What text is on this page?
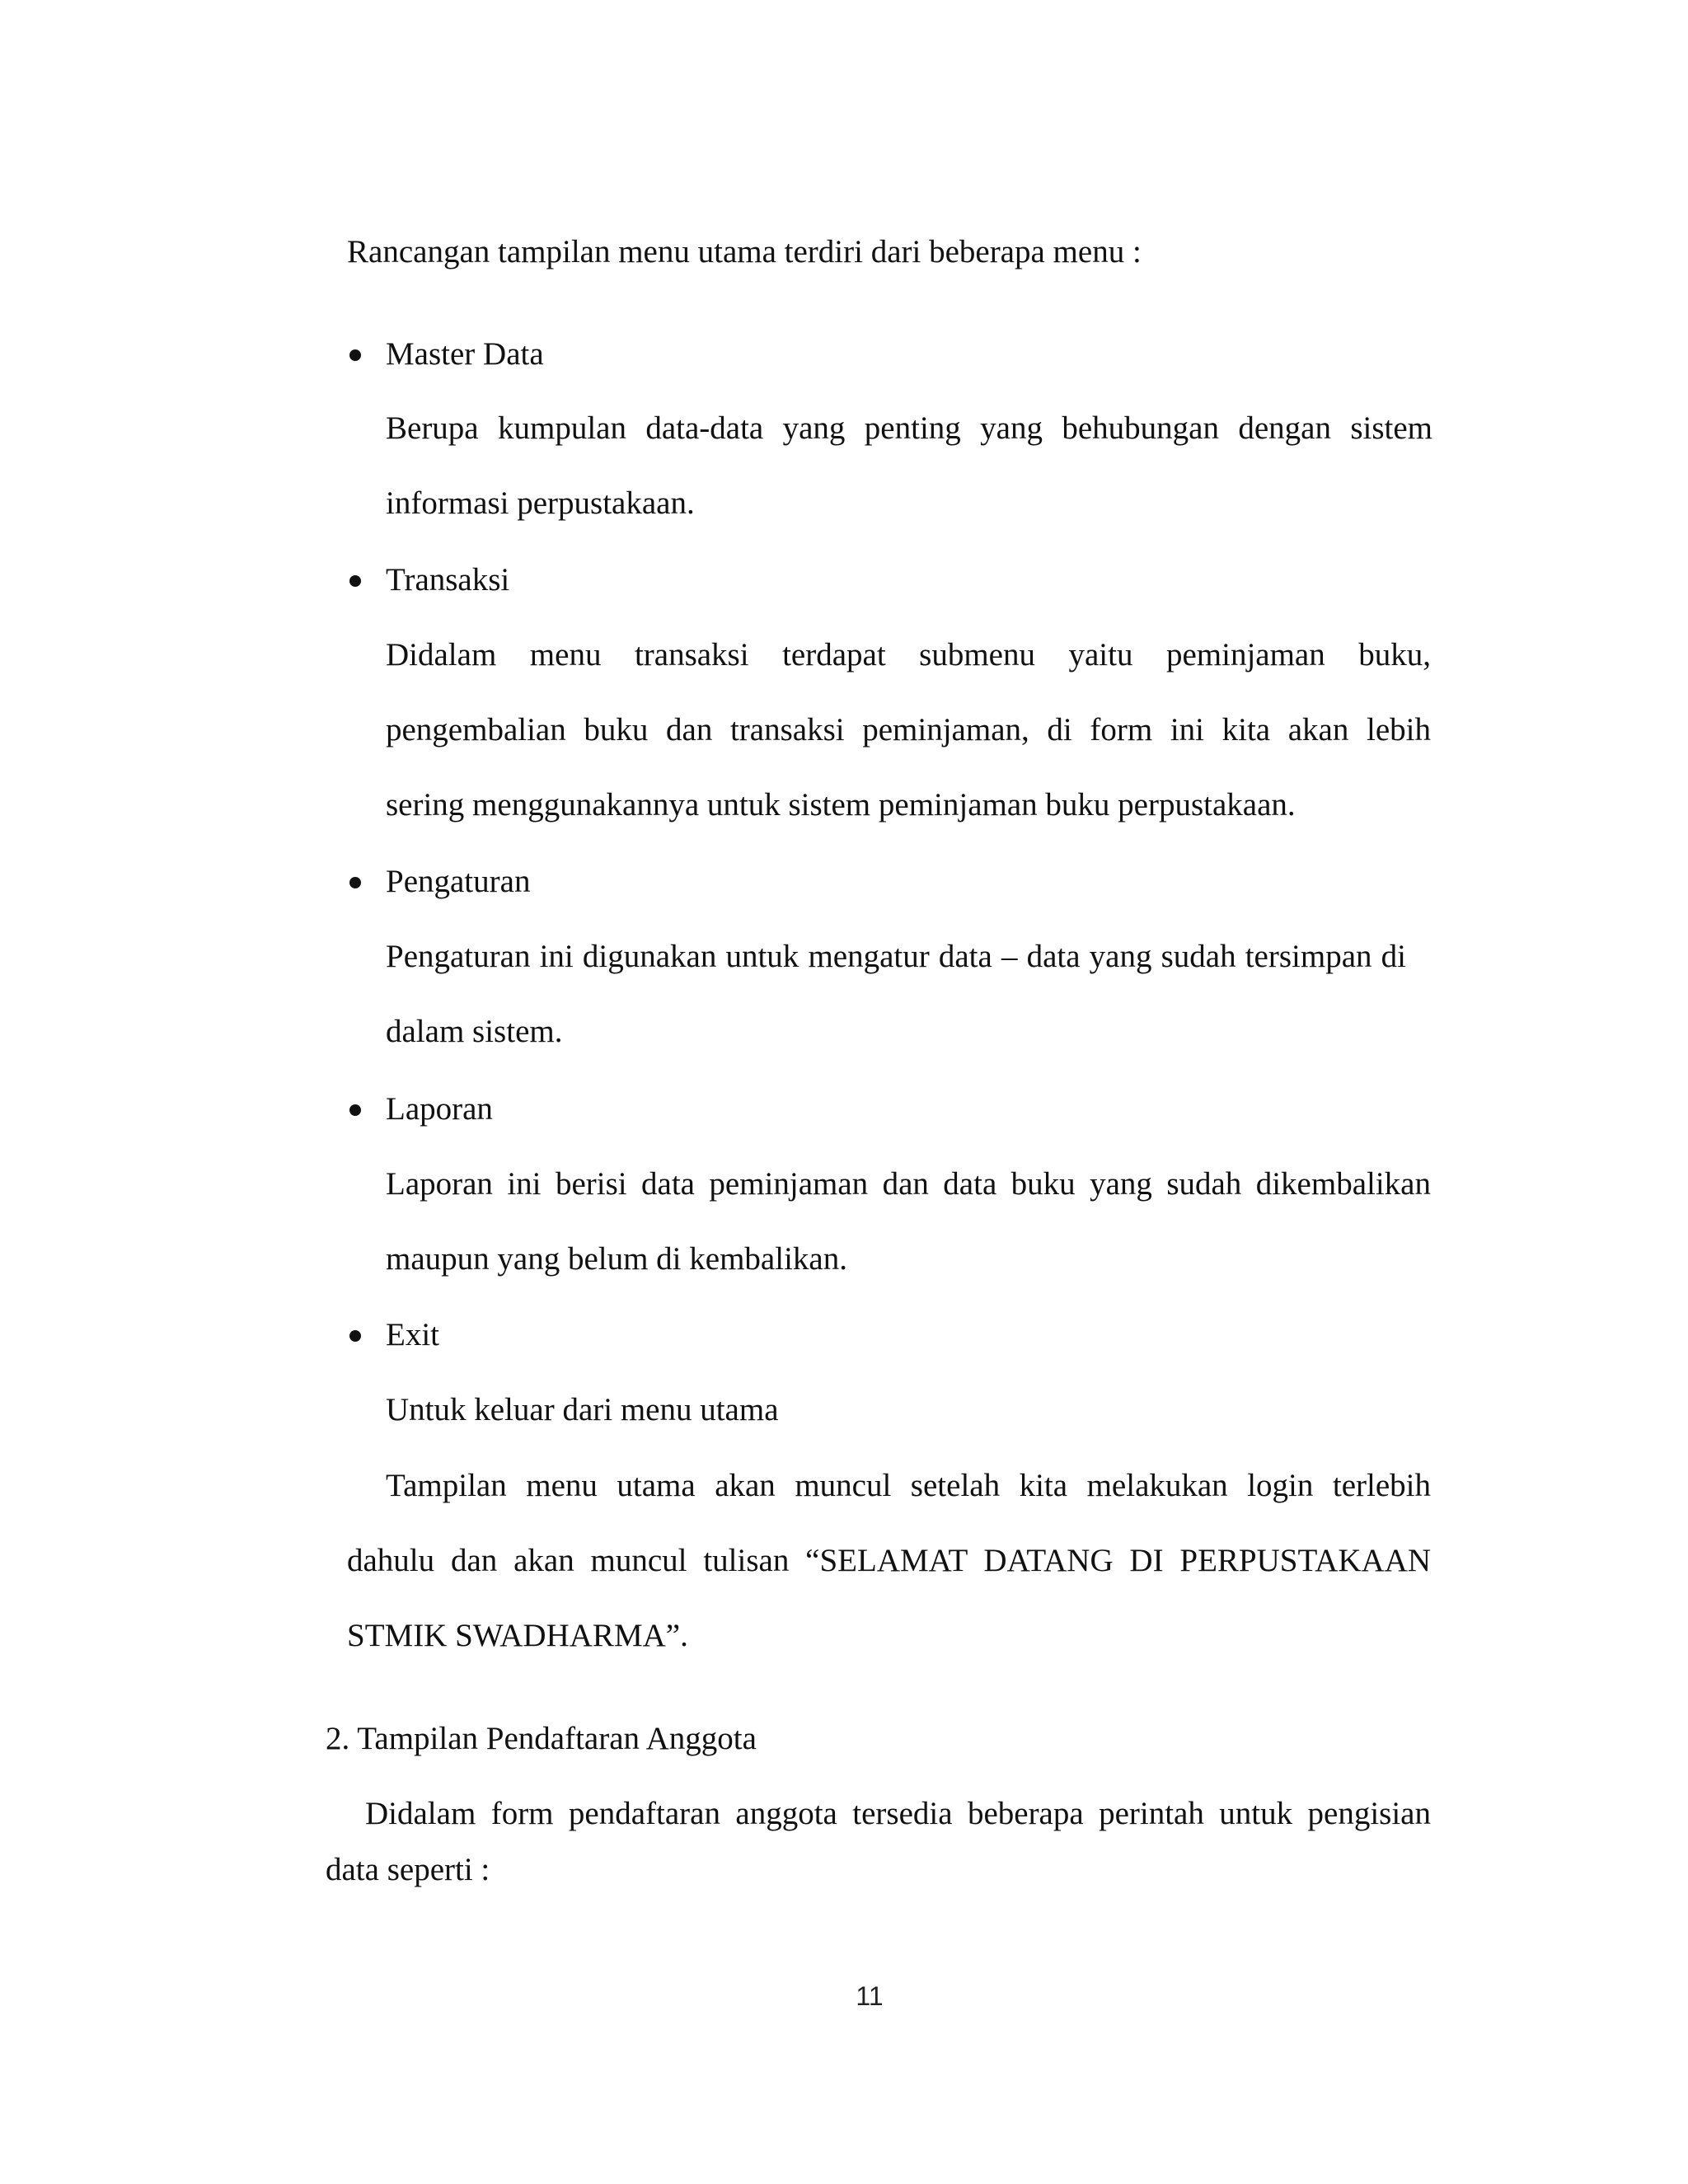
Rancangan tampilan menu utama terdiri dari beberapa menu :
Master Data
Berupa kumpulan data-data yang penting yang behubungan dengan sistem
informasi perpustakaan.
Transaksi
Didalam menu transaksi terdapat submenu yaitu peminjaman buku,
pengembalian buku dan transaksi peminjaman, di form ini kita akan lebih
sering menggunakannya untuk sistem peminjaman buku perpustakaan.
Pengaturan
Pengaturan ini digunakan untuk mengatur data – data yang sudah tersimpan di
dalam sistem.
Laporan
Laporan ini berisi data peminjaman dan data buku yang sudah dikembalikan
maupun yang belum di kembalikan.
Exit
Untuk keluar dari menu utama
Tampilan menu utama akan muncul setelah kita melakukan login terlebih
dahulu dan akan muncul tulisan “SELAMAT DATANG DI PERPUSTAKAAN
STMIK SWADHARMA”.
2. Tampilan Pendaftaran Anggota
Didalam form pendaftaran anggota tersedia beberapa perintah untuk pengisian
data seperti :
11
